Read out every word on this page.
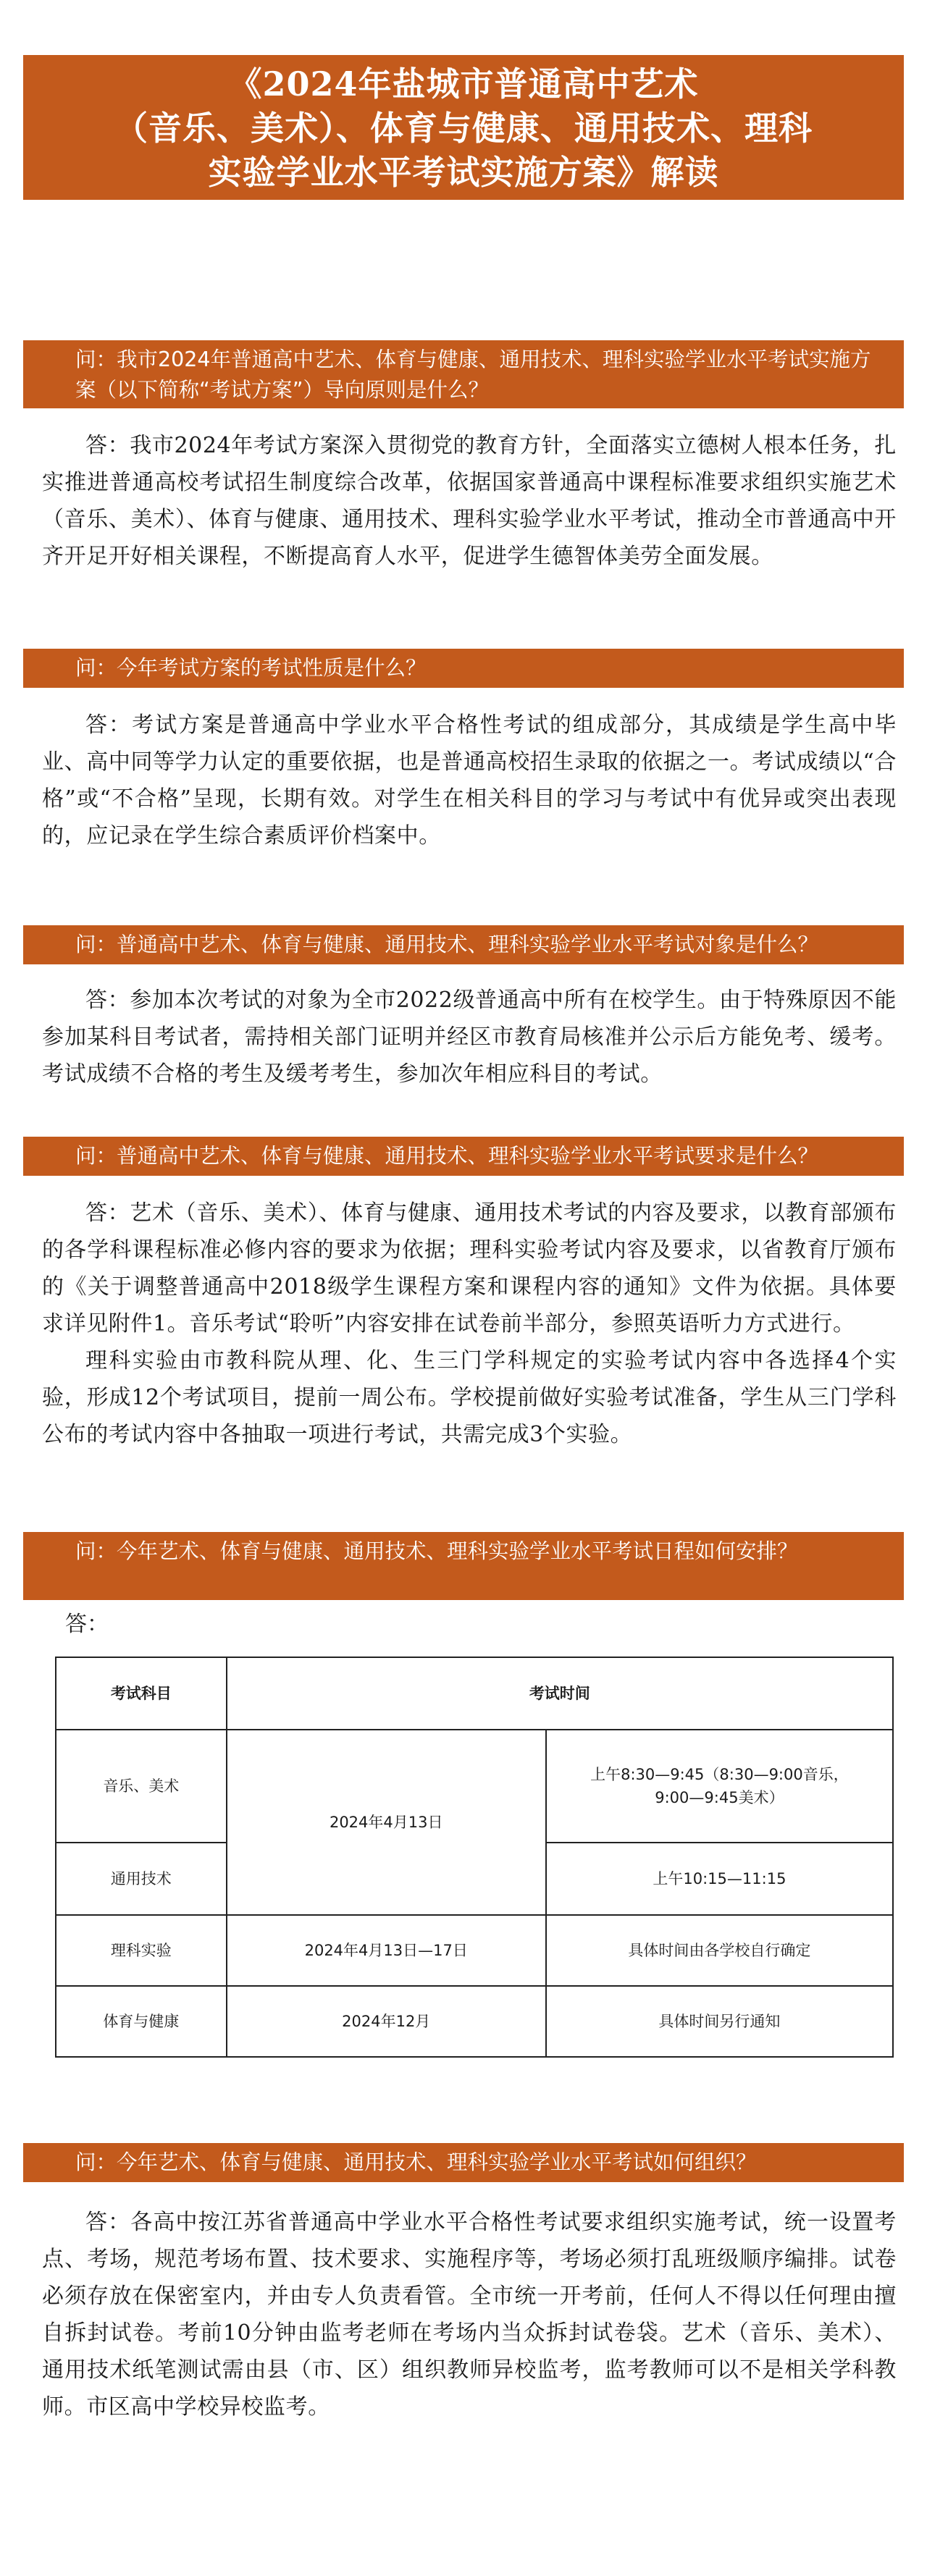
《2024年盐城市普通高中艺术
（音乐、美术）、体育与健康、通用技术、理科
实验学业水平考试实施方案》解读
问：我市2024年普通高中艺术、体育与健康、通用技术、理科实验学业水平考试实施方案（以下简称“考试方案”）导向原则是什么？
答：我市2024年考试方案深入贯彻党的教育方针，全面落实立德树人根本任务，扎实推进普通高校考试招生制度综合改革，依据国家普通高中课程标准要求组织实施艺术（音乐、美术）、体育与健康、通用技术、理科实验学业水平考试，推动全市普通高中开齐开足开好相关课程，不断提高育人水平，促进学生德智体美劳全面发展。
问：今年考试方案的考试性质是什么？
答：考试方案是普通高中学业水平合格性考试的组成部分，其成绩是学生高中毕业、高中同等学力认定的重要依据，也是普通高校招生录取的依据之一。考试成绩以“合格”或“不合格”呈现，长期有效。对学生在相关科目的学习与考试中有优异或突出表现的，应记录在学生综合素质评价档案中。
问：普通高中艺术、体育与健康、通用技术、理科实验学业水平考试对象是什么？
答：参加本次考试的对象为全市2022级普通高中所有在校学生。由于特殊原因不能参加某科目考试者，需持相关部门证明并经区市教育局核准并公示后方能免考、缓考。考试成绩不合格的考生及缓考考生，参加次年相应科目的考试。
问：普通高中艺术、体育与健康、通用技术、理科实验学业水平考试要求是什么？

答：艺术（音乐、美术）、体育与健康、通用技术考试的内容及要求，以教育部颁布的各学科课程标准必修内容的要求为依据；理科实验考试内容及要求，以省教育厅颁布的《关于调整普通高中2018级学生课程方案和课程内容的通知》文件为依据。具体要求详见附件1。音乐考试“聆听”内容安排在试卷前半部分，参照英语听力方式进行。

理科实验由市教科院从理、化、生三门学科规定的实验考试内容中各选择4个实验，形成12个考试项目，提前一周公布。学校提前做好实验考试准备，学生从三门学科公布的考试内容中各抽取一项进行考试，共需完成3个实验。

问：今年艺术、体育与健康、通用技术、理科实验学业水平考试日程如何安排？
答：
考试科目	考试时间	
音乐、美术	2024年4月13日	上午8:30—9:45（8:30—9:00音乐，
9:00—9:45美术）

通用技术		上午10:15—11:15
理科实验	2024年4月13日—17日	具体时间由各学校自行确定
体育与健康	2024年12月	具体时间另行通知
问：今年艺术、体育与健康、通用技术、理科实验学业水平考试如何组织？
答：各高中按江苏省普通高中学业水平合格性考试要求组织实施考试，统一设置考点、考场，规范考场布置、技术要求、实施程序等，考场必须打乱班级顺序编排。试卷必须存放在保密室内，并由专人负责看管。全市统一开考前，任何人不得以任何理由擅自拆封试卷。考前10分钟由监考老师在考场内当众拆封试卷袋。艺术（音乐、美术）、通用技术纸笔测试需由县（市、区）组织教师异校监考，监考教师可以不是相关学科教师。市区高中学校异校监考。
